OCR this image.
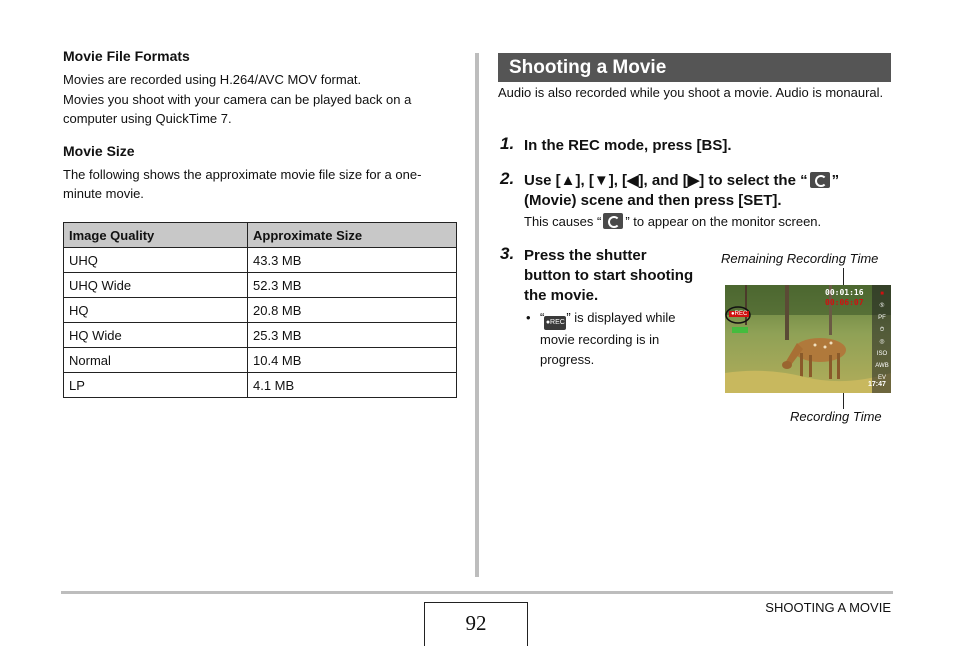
Movie File Formats
Movies are recorded using H.264/AVC MOV format.
Movies you shoot with your camera can be played back on a computer using QuickTime 7.
Movie Size
The following shows the approximate movie file size for a one-minute movie.
Image Quality	Approximate Size
UHQ	43.3 MB
UHQ Wide	52.3 MB
HQ	20.8 MB
HQ Wide	25.3 MB
Normal	10.4 MB
LP	4.1 MB
Shooting a Movie
Audio is also recorded while you shoot a movie. Audio is monaural.
1. In the REC mode, press [BS].
2. Use [▲], [▼], [◀], and [▶] to select the “ ” (Movie) scene and then press [SET].
This causes “ ” to appear on the monitor screen.
3. Press the shutter button to start shooting the movie.
• “●REC ” is displayed while movie recording is in progress.
Remaining Recording Time
Recording Time
00:01:16
00:06:07
●REC
■
⑤
PF
⏱
◎
ISO
AWB
EV
17:47
92
SHOOTING A MOVIE
